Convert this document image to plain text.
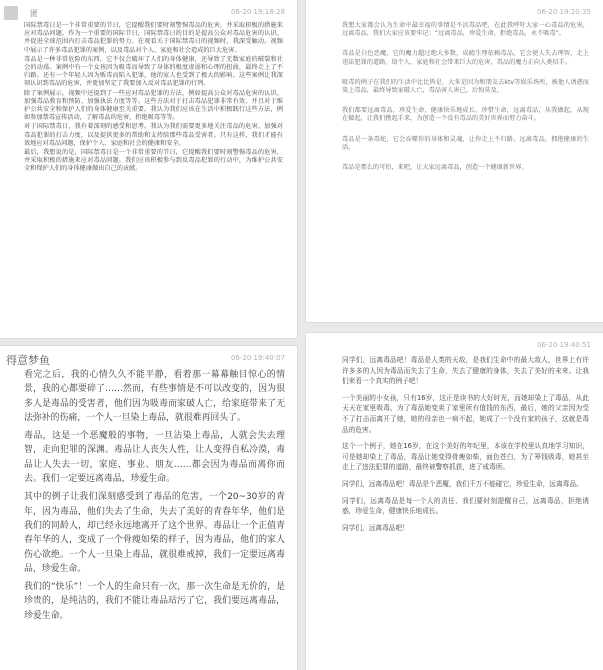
匿	06-20 19:18:28

国际禁毒日是一个非常重要的节日，它提醒我们要时刻警惕毒品的危害，并采取积极的措施来应对毒品问题。作为一个重要的国际节日，国际禁毒日的目的是提高公众对毒品危害的认识，并促进全球范围内打击毒品犯罪的努力。在观看关于国际禁毒日的视频时，我深受触动。视频中展示了许多毒品犯罪的案例，以及毒品对个人、家庭和社会造成的巨大危害。

毒品是一种非常危险的东西，它不仅会破坏了人们的身体健康，还导致了无数家庭的破裂和社会的动荡。案例中有一个女孩因为吸毒而导致了身体的极度虚弱和心理的扭曲，最终走上了不归路。还有一个年轻人因为贩毒而陷入犯罪，他的家人也受到了极大的影响。这些案例让我深刻认识到毒品的危害，并更加坚定了我要加入反对毒品犯罪的行列。

除了案例展示，视频中还提到了一些应对毒品犯罪的方法，例如提高公众对毒品危害的认识、加强毒品教育和预防、加强执法力度等等。这些方法对于打击毒品犯罪非常有效，并且对于维护公共安全和保护人们的身体健康至关重要。我认为我们应该在生活中积极践行这些方法，例如参加禁毒宣传活动，了解毒品的危害，拒绝吸毒等等。

对于国际禁毒日，我有着深刻的感受和思考。我认为我们需要更多地关注毒品的危害，加强对毒品犯罪的打击力度，以及提供更多的帮助和支持给那些毒品受害者。只有这样，我们才能有效地应对毒品问题，保护个人、家庭和社会的健康和安全。

最后，我想说的是，国际禁毒日是一个非常重要的节日，它提醒我们要时刻警惕毒品的危害，并采取积极的措施来应对毒品问题。我们应该积极参与到反毒品犯罪的行动中，为维护公共安全和保护人们的身体健康做出自己的贡献。

06-20 19:20:35

我想大家都会认为生命中最幸福的事情是不沾毒品吧，在此我呼吁大家一心毒品的危害，远离毒品，我们大家应该要牢记：“远离毒品，珍爱生命，拒绝毒品，永不吸毒”。

毒品是白色恶魔，它的魔力超过绝大多数，成瘾生理依赖毒品，它会使人失去理智，走上违法犯罪的道路，给个人、家庭和社会带来巨大的危害，毒品的魔力正向人类招手。

吸毒的例子在我们的生活中比比皆是，大多是因为和朋友去ktv等娱乐场所，被他人诱惑而染上毒品，最终导致家破人亡，毒品害人害己，后悔莫及。

我们都要远离毒品，珍爱生命，健康快乐地成长。珍惜生命，远离毒品，从我做起，从现在做起，让我们携起手来，为创造一个没有毒品的美好世界而努力奋斗。

毒品是一条毒蛇，它会吞噬你的身体和灵魂，让你走上不归路。远离毒品，拥抱健康的生活。

毒品是那么的可怕，来吧，让大家远离毒品，创造一个健康新世界。

得意梦鱼	06-20 19:40:07

看完之后，我的心情久久不能平静，看着那一幕幕触目惊心的情景，我的心都要碎了……然而，有些事情是不可以改变的，因为很多人是毒品的受害者，他们因为吸毒而家破人亡，给家庭带来了无法弥补的伤痛，一个人一旦染上毒品，就很难再回头了。

毒品，这是一个恶魔般的事物，一旦沾染上毒品，人就会失去理智，走向犯罪的深渊。毒品让人丧失人性，让人变得自私冷漠，毒品让人失去一切，家庭、事业、朋友……都会因为毒品而离你而去。我们一定要远离毒品，珍爱生命。

其中的例子让我们深刻感受到了毒品的危害，一个20~30岁的青年，因为毒品，他们失去了生命，失去了美好的青春年华，他们是我们的同龄人，却已经永远地离开了这个世界。毒品让一个正值青春年华的人，变成了一个骨瘦如柴的样子，因为毒品，他们的家人伤心欲绝。一个人一旦染上毒品，就很难戒掉，我们一定要远离毒品，珍爱生命。

我们的“快乐”！一个人的生命只有一次，那一次生命是无价的，是珍贵的，是纯洁的，我们不能让毒品玷污了它，我们要远离毒品，珍爱生命。

06-20 19:40:51

同学们，远离毒品吧！毒品是人类的天敌，是我们生命中的最大敌人，世界上有许许多多的人因为毒品而失去了生命，失去了健康的身体，失去了美好的未来。让我们来看一个真实的例子吧！

一个美丽的小女孩，只有16岁，这正是读书的大好时光，而她却染上了毒品，从此天天在家里吸毒，为了毒品她变卖了家里所有值钱的东西，最后，她的父亲因为受不了打击而离开了她，她的母亲也一病不起，她成了一个没有家的孩子，这就是毒品的危害。

这个一个例子，她在16岁，在这个美好的年纪里，本该在学校里认真地学习知识，可是她却染上了毒品，毒品让她变得骨瘦如柴，面色苍白，为了筹钱吸毒，她甚至走上了违法犯罪的道路，最终被警察抓获，进了戒毒所。

同学们，远离毒品吧！毒品是个恶魔，我们千万不能碰它，珍爱生命，远离毒品。

同学们，远离毒品是每一个人的责任，我们要时刻提醒自己，远离毒品，拒绝诱惑，珍爱生命，健康快乐地成长。

同学们，远离毒品吧！
